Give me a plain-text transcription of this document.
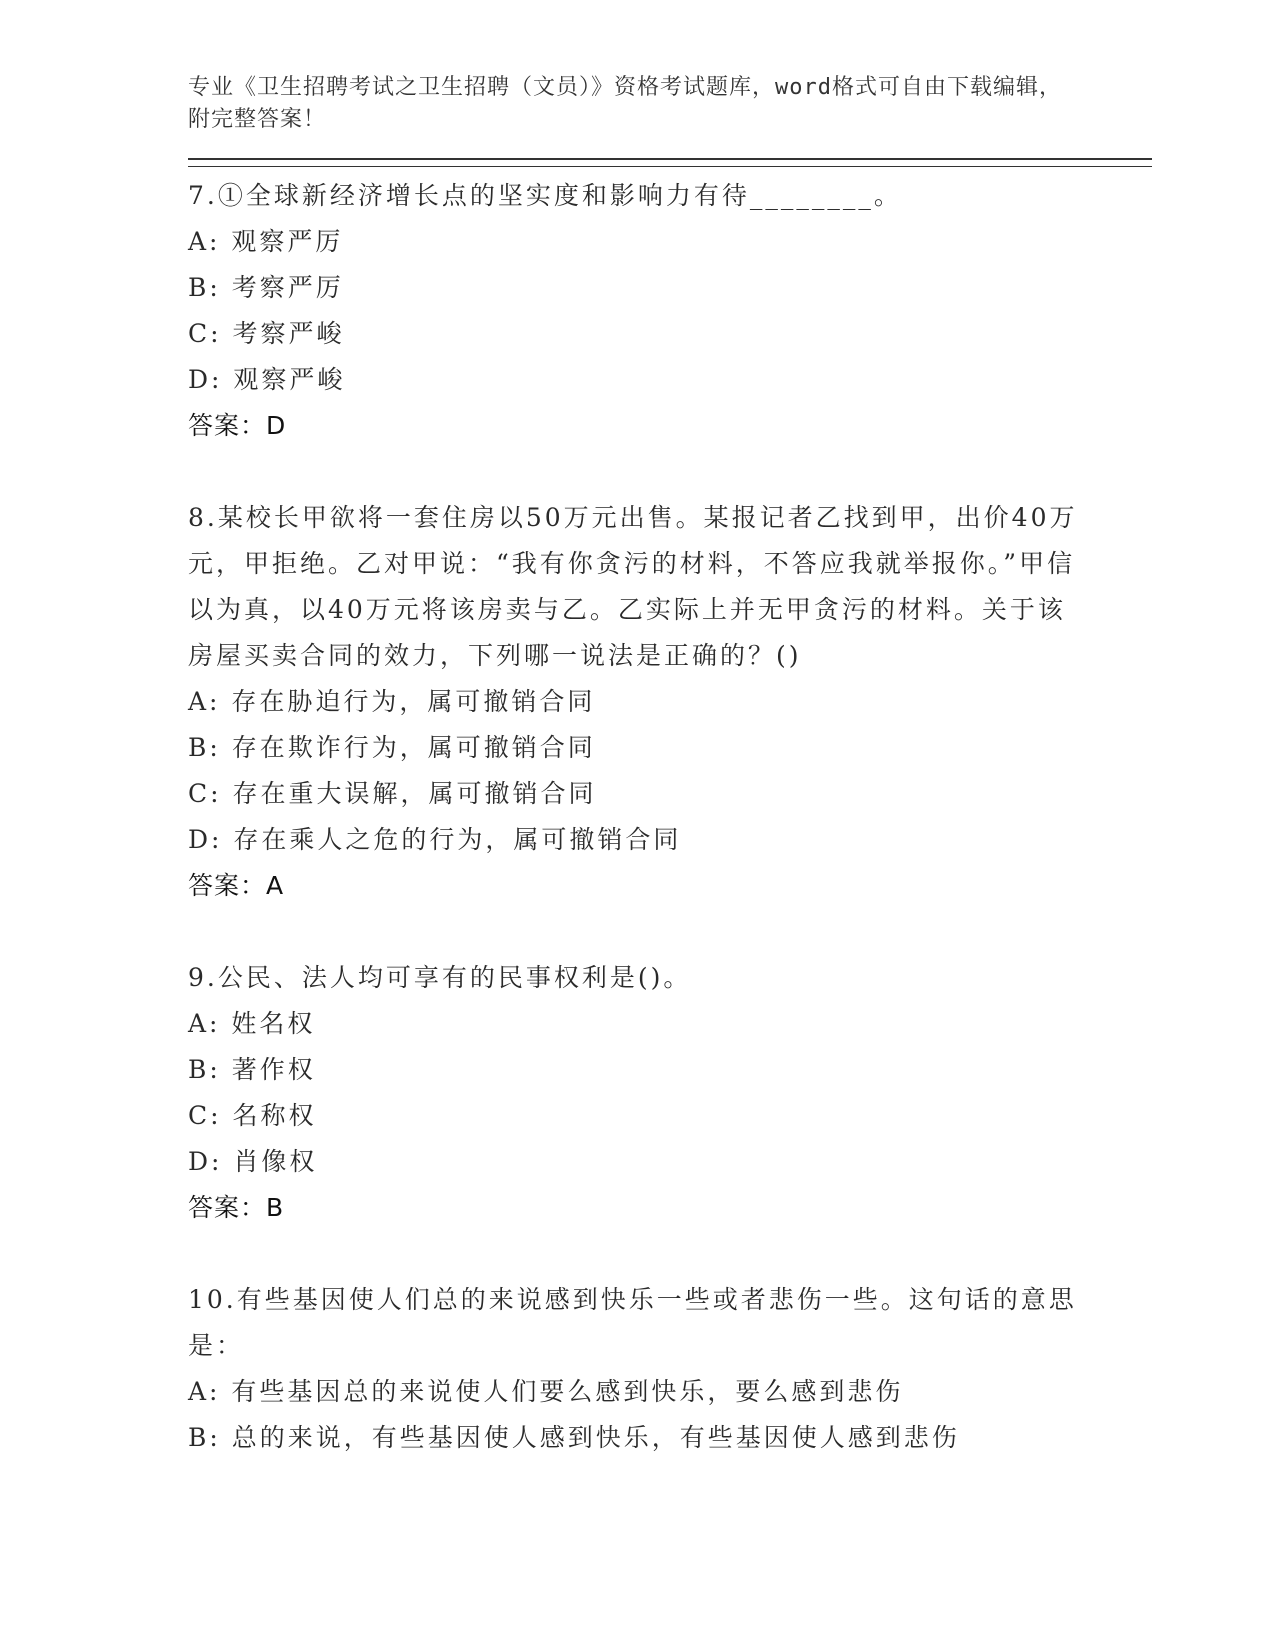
专业《卫生招聘考试之卫生招聘（文员）》资格考试题库，word格式可自由下载编辑，附完整答案！
7.①全球新经济增长点的坚实度和影响力有待________。
A: 观察严厉
B: 考察严厉
C: 考察严峻
D: 观察严峻
答案：D
8.某校长甲欲将一套住房以50万元出售。某报记者乙找到甲，出价40万元，甲拒绝。乙对甲说：“我有你贪污的材料，不答应我就举报你。”甲信以为真，以40万元将该房卖与乙。乙实际上并无甲贪污的材料。关于该房屋买卖合同的效力，下列哪一说法是正确的？()
A: 存在胁迫行为，属可撤销合同
B: 存在欺诈行为，属可撤销合同
C: 存在重大误解，属可撤销合同
D: 存在乘人之危的行为，属可撤销合同
答案：A
9.公民、法人均可享有的民事权利是()。
A: 姓名权
B: 著作权
C: 名称权
D: 肖像权
答案：B
10.有些基因使人们总的来说感到快乐一些或者悲伤一些。这句话的意思是：
A: 有些基因总的来说使人们要么感到快乐，要么感到悲伤
B: 总的来说，有些基因使人感到快乐，有些基因使人感到悲伤
